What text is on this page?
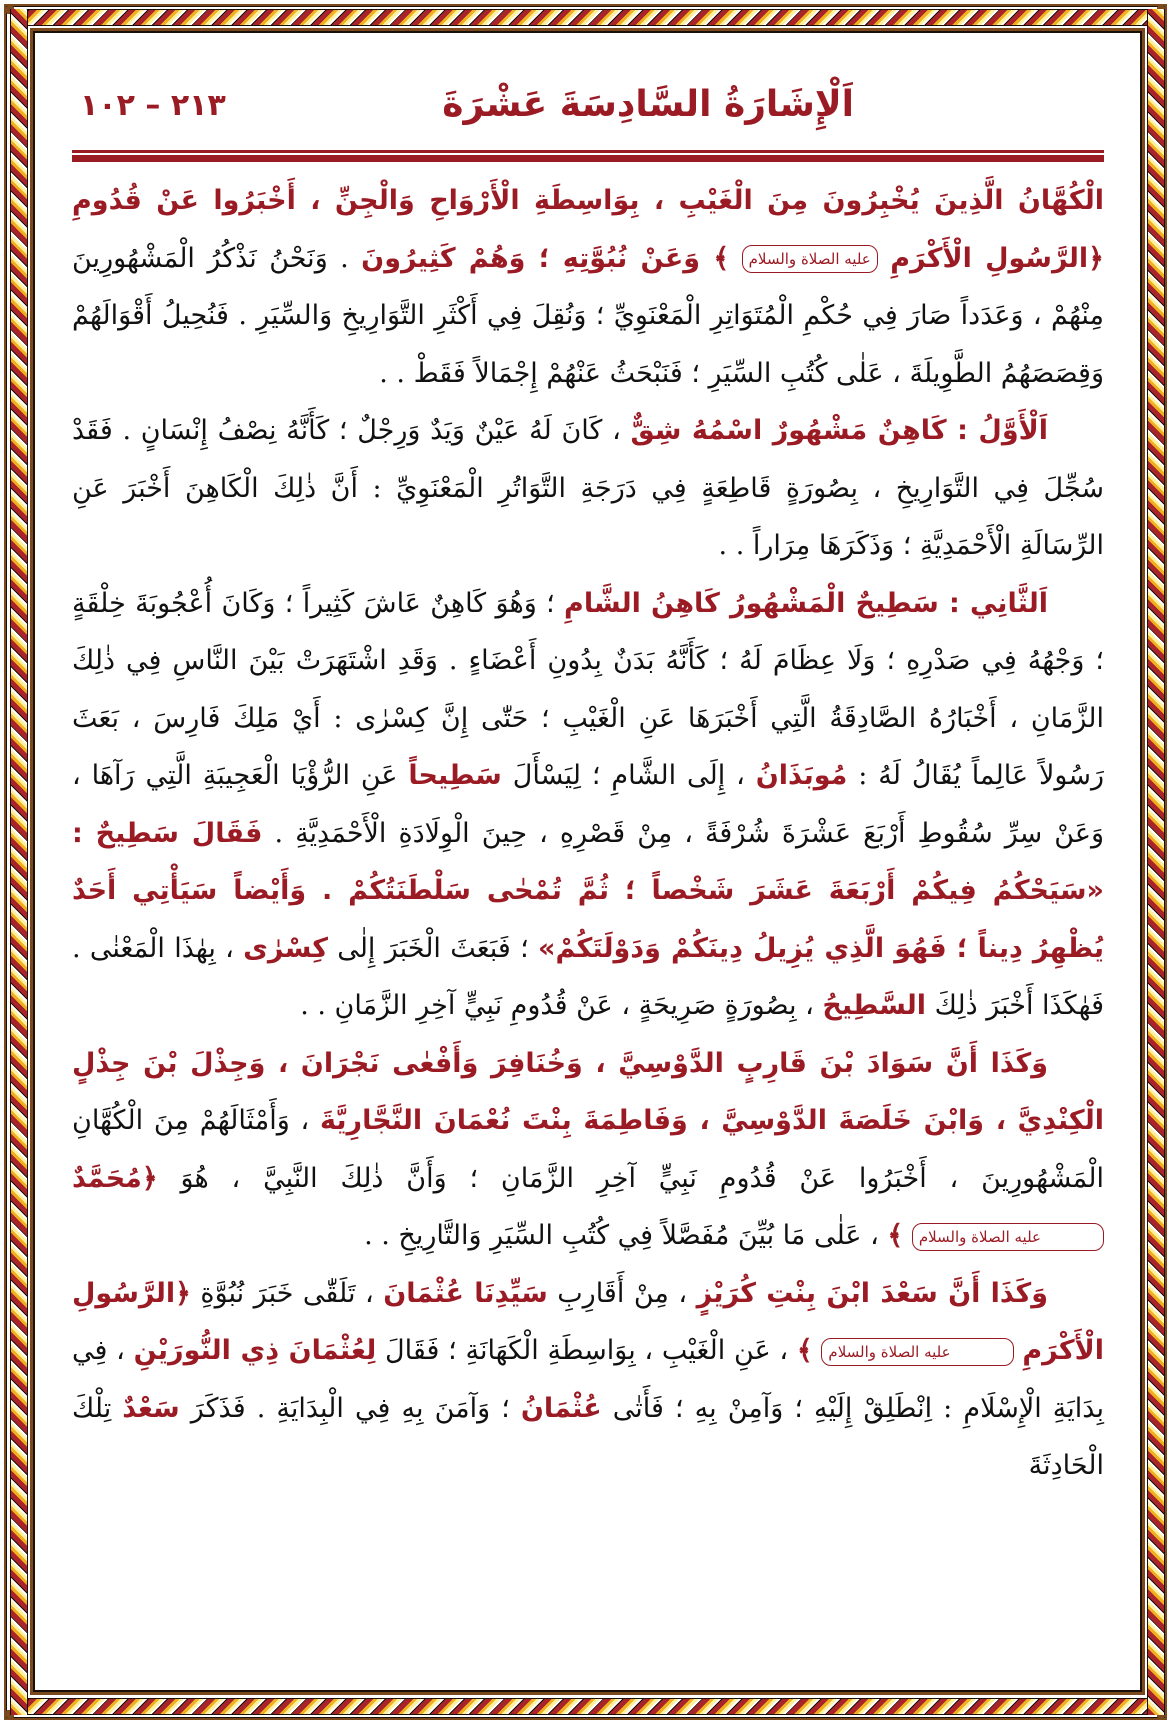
اَلْإِشَارَةُ السَّادِسَةَ عَشْرَةَ
٢١٣ – ١٠٢

الْكُهَّانُ الَّذِينَ يُخْبِرُونَ مِنَ الْغَيْبِ ، بِوَاسِطَةِ الْأَرْوَاحِ وَالْجِنِّ ، أَخْبَرُوا عَنْ قُدُومِ ﴿الرَّسُولِ الْأَكْرَمِ عليه الصلاة والسلام ﴾ وَعَنْ نُبُوَّتِهِ ؛ وَهُمْ كَثِيرُونَ . وَنَحْنُ نَذْكُرُ الْمَشْهُورِينَ مِنْهُمْ ، وَعَدَداً صَارَ فِي حُكْمِ الْمُتَوَاتِرِ الْمَعْنَوِيِّ ؛ وَنُقِلَ فِي أَكْثَرِ التَّوَارِيخِ وَالسِّيَرِ . فَنُحِيلُ أَقْوَالَهُمْ وَقِصَصَهُمُ الطَّوِيلَةَ ، عَلٰى كُتُبِ السِّيَرِ ؛ فَنَبْحَثُ عَنْهُمْ إِجْمَالاً فَقَطْ . .

اَلْأَوَّلُ : كَاهِنٌ مَشْهُورٌ اسْمُهُ شِقٌّ ، كَانَ لَهُ عَيْنٌ وَيَدٌ وَرِجْلٌ ؛ كَأَنَّهُ نِصْفُ إِنْسَانٍ . فَقَدْ سُجِّلَ فِي التَّوَارِيخِ ، بِصُورَةٍ قَاطِعَةٍ فِي دَرَجَةِ التَّوَاتُرِ الْمَعْنَوِيِّ : أَنَّ ذٰلِكَ الْكَاهِنَ أَخْبَرَ عَنِ الرِّسَالَةِ الْأَحْمَدِيَّةِ ؛ وَذَكَرَهَا مِرَاراً . .

اَلثَّانِي : سَطِيحٌ الْمَشْهُورُ كَاهِنُ الشَّامِ ؛ وَهُوَ كَاهِنٌ عَاشَ كَثِيراً ؛ وَكَانَ أُعْجُوبَةَ خِلْقَةٍ ؛ وَجْهُهُ فِي صَدْرِهِ ؛ وَلَا عِظَامَ لَهُ ؛ كَأَنَّهُ بَدَنٌ بِدُونِ أَعْضَاءٍ . وَقَدِ اشْتَهَرَتْ بَيْنَ النَّاسِ فِي ذٰلِكَ الزَّمَانِ ، أَخْبَارُهُ الصَّادِقَةُ الَّتِي أَخْبَرَهَا عَنِ الْغَيْبِ ؛ حَتّٰى إِنَّ كِسْرٰى : أَيْ مَلِكَ فَارِسَ ، بَعَثَ رَسُولاً عَالِماً يُقَالُ لَهُ : مُوبَذَانُ ، إِلَى الشَّامِ ؛ لِيَسْأَلَ سَطِيحاً عَنِ الرُّؤْيَا الْعَجِيبَةِ الَّتِي رَآهَا ، وَعَنْ سِرِّ سُقُوطِ أَرْبَعَ عَشْرَةَ شُرْفَةً ، مِنْ قَصْرِهِ ، حِينَ الْوِلَادَةِ الْأَحْمَدِيَّةِ . فَقَالَ سَطِيحٌ : «سَيَحْكُمُ فِيكُمْ أَرْبَعَةَ عَشَرَ شَخْصاً ؛ ثُمَّ تُمْحٰى سَلْطَنَتُكُمْ . وَأَيْضاً سَيَأْتِي أَحَدٌ يُظْهِرُ دِيناً ؛ فَهُوَ الَّذِي يُزِيلُ دِينَكُمْ وَدَوْلَتَكُمْ» ؛ فَبَعَثَ الْخَبَرَ إِلٰى كِسْرٰى ، بِهٰذَا الْمَعْنٰى . فَهٰكَذَا أَخْبَرَ ذٰلِكَ السَّطِيحُ ، بِصُورَةٍ صَرِيحَةٍ ، عَنْ قُدُومِ نَبِيٍّ آخِرِ الزَّمَانِ . .

وَكَذَا أَنَّ سَوَادَ بْنَ قَارِبٍ الدَّوْسِيَّ ، وَخُنَافِرَ وَأَفْعٰى نَجْرَانَ ، وَجِذْلَ بْنَ جِذْلٍ الْكِنْدِيَّ ، وَابْنَ خَلَصَةَ الدَّوْسِيَّ ، وَفَاطِمَةَ بِنْتَ نُعْمَانَ النَّجَّارِيَّةَ ، وَأَمْثَالَهُمْ مِنَ الْكُهَّانِ الْمَشْهُورِينَ ، أَخْبَرُوا عَنْ قُدُومِ نَبِيٍّ آخِرِ الزَّمَانِ ؛ وَأَنَّ ذٰلِكَ النَّبِيَّ ، هُوَ ﴿مُحَمَّدٌ عليه الصلاة والسلام ﴾ ، عَلٰى مَا بُيِّنَ مُفَصَّلاً فِي كُتُبِ السِّيَرِ وَالتَّارِيخِ . .

وَكَذَا أَنَّ سَعْدَ ابْنَ بِنْتِ كُرَيْزٍ ، مِنْ أَقَارِبِ سَيِّدِنَا عُثْمَانَ ، تَلَقّٰى خَبَرَ نُبُوَّةِ ﴿الرَّسُولِ الْأَكْرَمِ عليه الصلاة والسلام ﴾ ، عَنِ الْغَيْبِ ، بِوَاسِطَةِ الْكَهَانَةِ ؛ فَقَالَ لِعُثْمَانَ ذِي النُّورَيْنِ ، فِي بِدَايَةِ الْإِسْلَامِ : اِنْطَلِقْ إِلَيْهِ ؛ وَآمِنْ بِهِ ؛ فَأَتٰى عُثْمَانُ ؛ وَآمَنَ بِهِ فِي الْبِدَايَةِ . فَذَكَرَ سَعْدٌ تِلْكَ الْحَادِثَةَ
